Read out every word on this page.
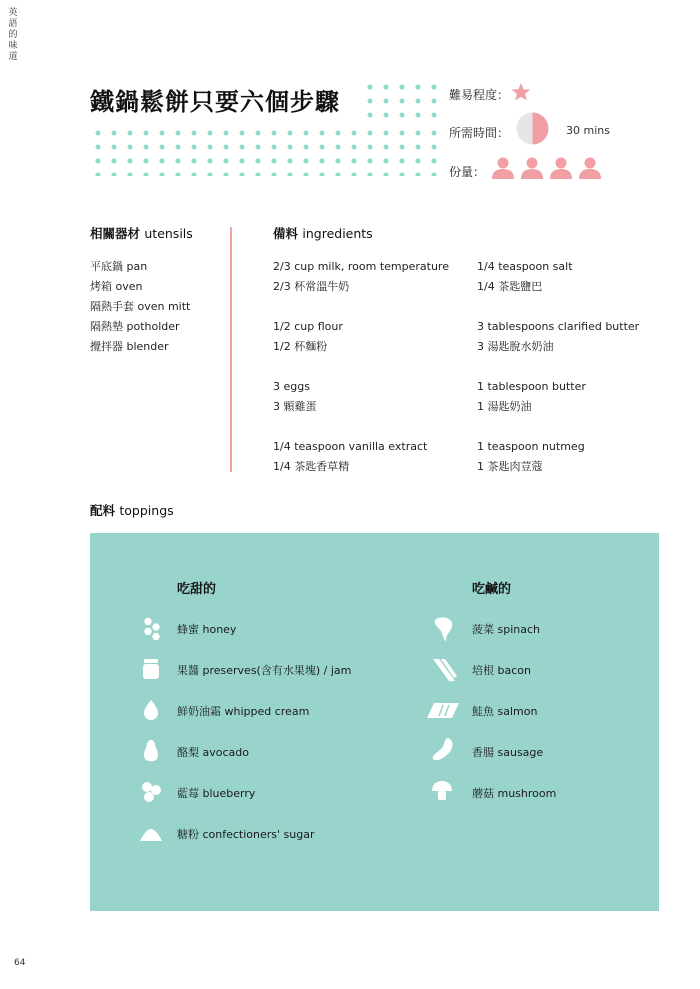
英
語
的
味
道
鐵鍋鬆餅只要六個步驟	難易程度：
所需時間：	30 mins
份量：
相關器材 utensils
平底鍋 pan
烤箱 oven
隔熱手套 oven mitt
隔熱墊 potholder
攪拌器 blender
備料 ingredients
2/3 cup milk, room temperature
2/3 杯常溫牛奶
1/2 cup flour
1/2 杯麵粉
3 eggs
3 顆雞蛋
1/4 teaspoon vanilla extract
1/4 茶匙香草精
1/4 teaspoon salt
1/4 茶匙鹽巴
3 tablespoons clarified butter
3 湯匙脫水奶油
1 tablespoon butter
1 湯匙奶油
1 teaspoon nutmeg
1 茶匙肉荳蔻
配料 toppings
吃甜的
蜂蜜 honey
果醬 preserves(含有水果塊) / jam
鮮奶油霜 whipped cream
酪梨 avocado
藍莓 blueberry
糖粉 confectioners' sugar
吃鹹的
菠菜 spinach
培根 bacon
鮭魚 salmon
香腸 sausage
蘑菇 mushroom
64
